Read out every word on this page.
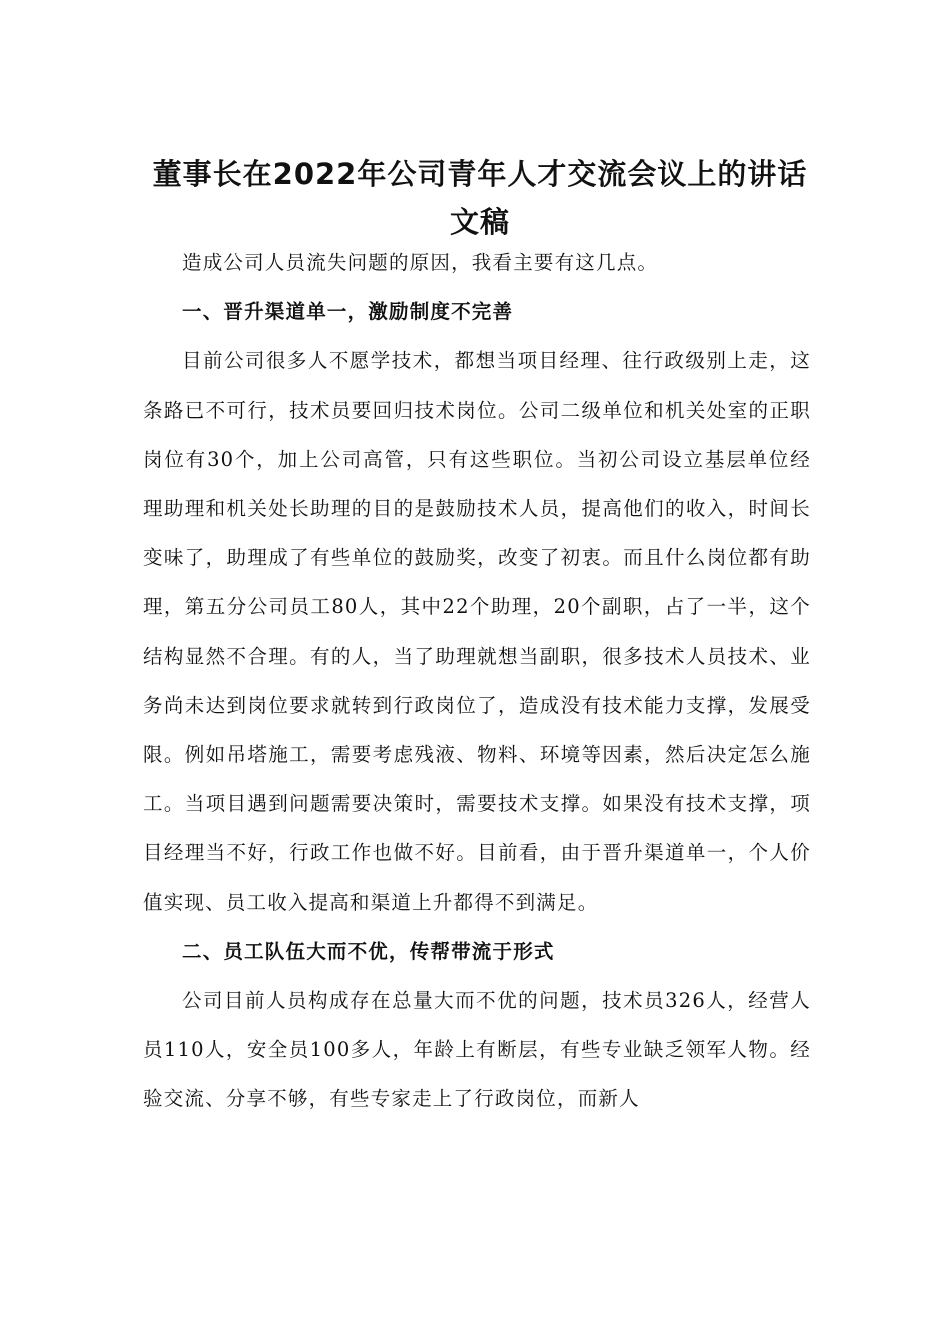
董事长在2022年公司青年人才交流会议上的讲话文稿

造成公司人员流失问题的原因，我看主要有这几点。

一、晋升渠道单一，激励制度不完善

目前公司很多人不愿学技术，都想当项目经理、往行政级别上走，这条路已不可行，技术员要回归技术岗位。公司二级单位和机关处室的正职岗位有30个，加上公司高管，只有这些职位。当初公司设立基层单位经理助理和机关处长助理的目的是鼓励技术人员，提高他们的收入，时间长变味了，助理成了有些单位的鼓励奖，改变了初衷。而且什么岗位都有助理，第五分公司员工80人，其中22个助理，20个副职，占了一半，这个结构显然不合理。有的人，当了助理就想当副职，很多技术人员技术、业务尚未达到岗位要求就转到行政岗位了，造成没有技术能力支撑，发展受限。例如吊塔施工，需要考虑残液、物料、环境等因素，然后决定怎么施工。当项目遇到问题需要决策时，需要技术支撑。如果没有技术支撑，项目经理当不好，行政工作也做不好。目前看，由于晋升渠道单一，个人价值实现、员工收入提高和渠道上升都得不到满足。

二、员工队伍大而不优，传帮带流于形式

公司目前人员构成存在总量大而不优的问题，技术员326人，经营人员110人，安全员100多人，年龄上有断层，有些专业缺乏领军人物。经验交流、分享不够，有些专家走上了行政岗位，而新人
